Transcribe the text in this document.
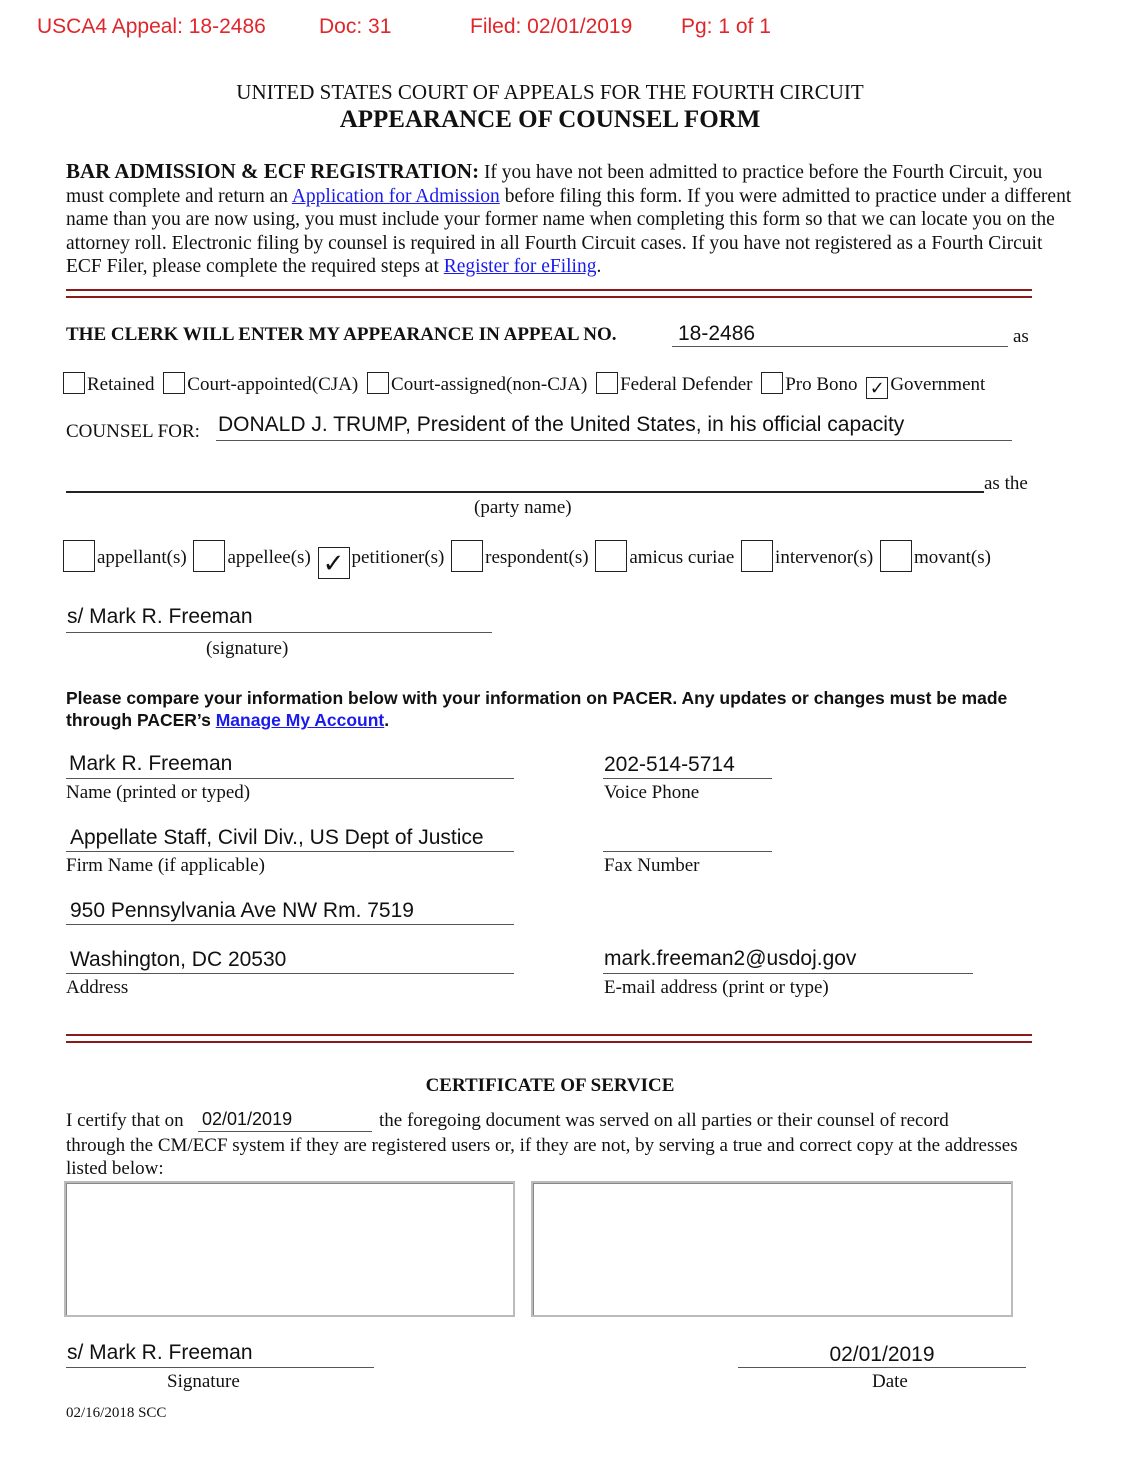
USCA4 Appeal: 18-2486	Doc: 31	Filed: 02/01/2019 Pg: 1 of 1
UNITED STATES COURT OF APPEALS FOR THE FOURTH CIRCUIT
APPEARANCE OF COUNSEL FORM
BAR ADMISSION & ECF REGISTRATION: If you have not been admitted to practice before the Fourth Circuit, you must complete and return an Application for Admission before filing this form. If you were admitted to practice under a different name than you are now using, you must include your former name when completing this form so that we can locate you on the attorney roll. Electronic filing by counsel is required in all Fourth Circuit cases. If you have not registered as a Fourth Circuit ECF Filer, please complete the required steps at Register for eFiling.
THE CLERK WILL ENTER MY APPEARANCE IN APPEAL NO.	18-2486	as
Retained Court-appointed(CJA) Court-assigned(non-CJA) Federal Defender Pro Bono ✓ Government
COUNSEL FOR: DONALD J. TRUMP, President of the United States, in his official capacity
as the
(party name)
appellant(s) appellee(s) ✓ petitioner(s) respondent(s) amicus curiae intervenor(s) movant(s)
s/ Mark R. Freeman
(signature)
Please compare your information below with your information on PACER. Any updates or changes must be made through PACER’s Manage My Account.
Mark R. Freeman
Name (printed or typed)
202-514-5714
Voice Phone
Appellate Staff, Civil Div., US Dept of Justice
Firm Name (if applicable)	Fax Number
950 Pennsylvania Ave NW Rm. 7519
Washington, DC 20530
Address
mark.freeman2@usdoj.gov
E-mail address (print or type)
CERTIFICATE OF SERVICE
I certify that on 02/01/2019	the foregoing document was served on all parties or their counsel of record
through the CM/ECF system if they are registered users or, if they are not, by serving a true and correct copy at the addresses listed below:
s/ Mark R. Freeman
Signature
02/01/2019
Date
02/16/2018 SCC
